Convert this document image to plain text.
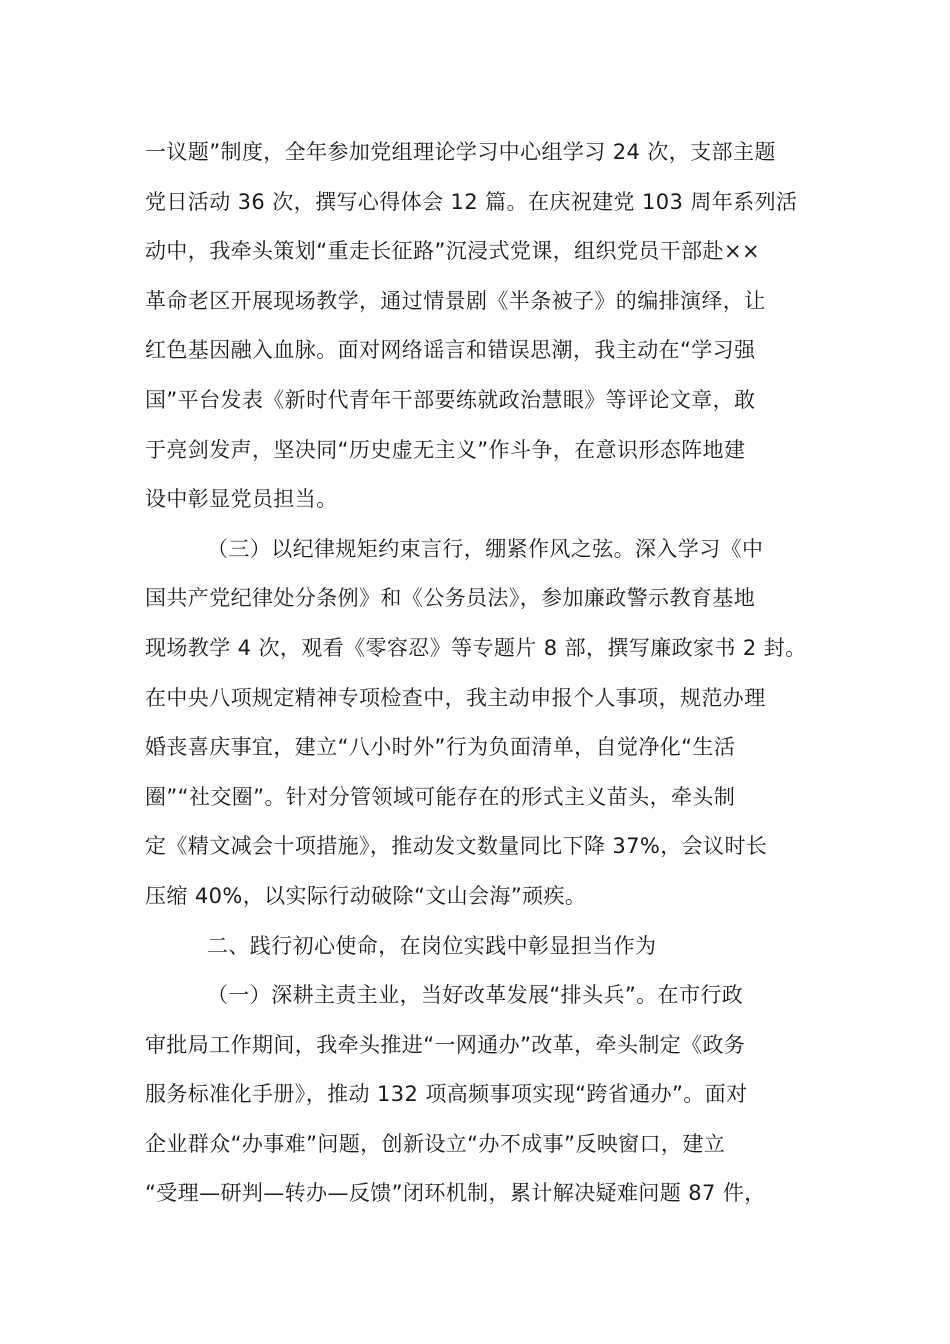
一议题”制度，全年参加党组理论学习中心组学习 24 次，支部主题
党日活动 36 次，撰写心得体会 12 篇。在庆祝建党 103 周年系列活
动中，我牵头策划“重走长征路”沉浸式党课，组织党员干部赴××
革命老区开展现场教学，通过情景剧《半条被子》的编排演绎，让
红色基因融入血脉。面对网络谣言和错误思潮，我主动在“学习强
国”平台发表《新时代青年干部要练就政治慧眼》等评论文章，敢
于亮剑发声，坚决同“历史虚无主义”作斗争，在意识形态阵地建
设中彰显党员担当。
（三）以纪律规矩约束言行，绷紧作风之弦。深入学习《中
国共产党纪律处分条例》和《公务员法》，参加廉政警示教育基地
现场教学 4 次，观看《零容忍》等专题片 8 部，撰写廉政家书 2 封。
在中央八项规定精神专项检查中，我主动申报个人事项，规范办理
婚丧喜庆事宜，建立“八小时外”行为负面清单，自觉净化“生活
圈”“社交圈”。针对分管领域可能存在的形式主义苗头，牵头制
定《精文减会十项措施》，推动发文数量同比下降 37%，会议时长
压缩 40%，以实际行动破除“文山会海”顽疾。
二、践行初心使命，在岗位实践中彰显担当作为
（一）深耕主责主业，当好改革发展“排头兵”。在市行政
审批局工作期间，我牵头推进“一网通办”改革，牵头制定《政务
服务标准化手册》，推动 132 项高频事项实现“跨省通办”。面对
企业群众“办事难”问题，创新设立“办不成事”反映窗口，建立
“受理—研判—转办—反馈”闭环机制，累计解决疑难问题 87 件，
